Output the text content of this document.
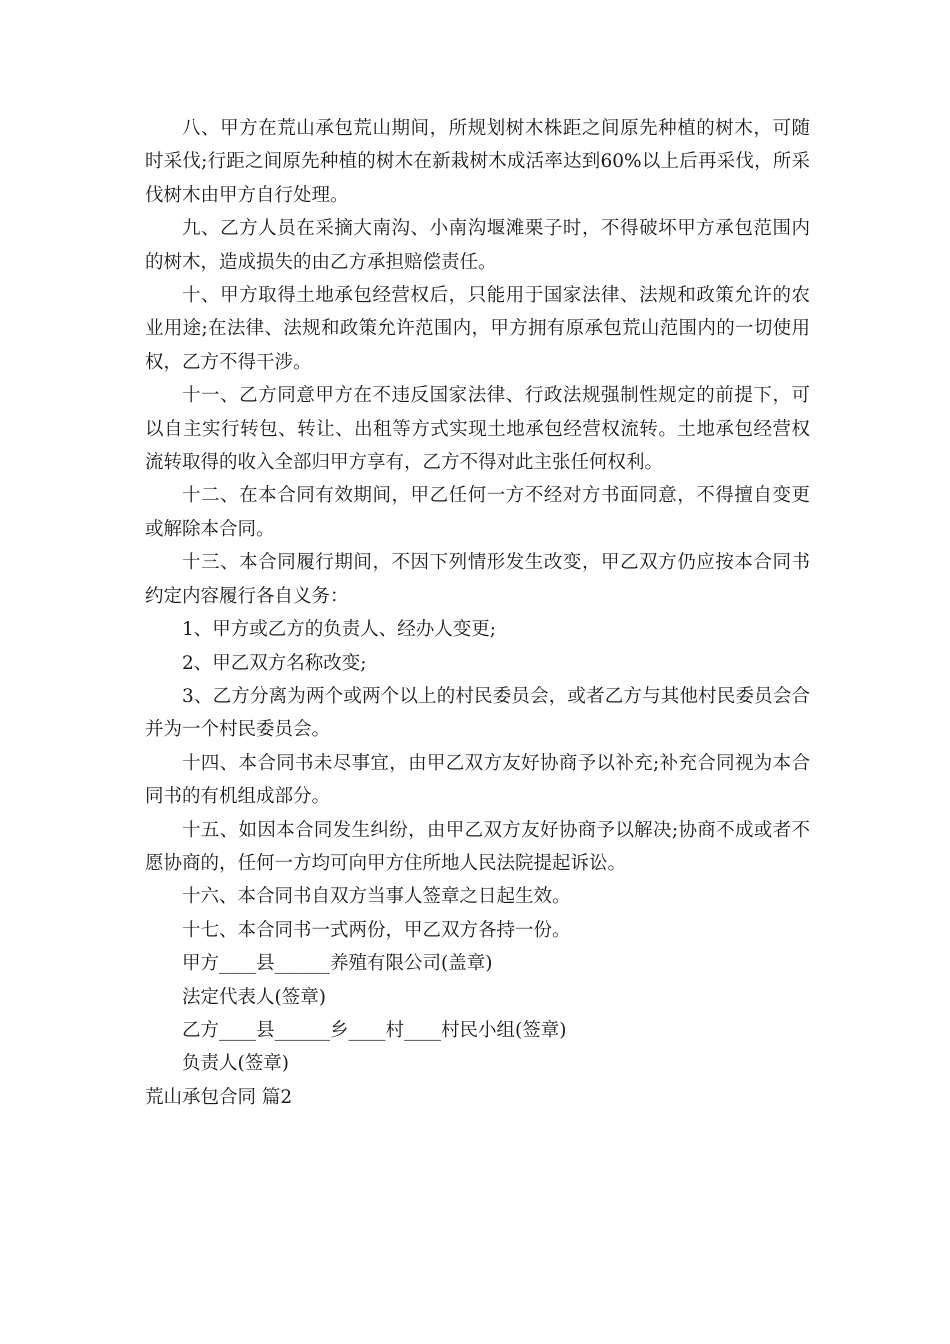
八、甲方在荒山承包荒山期间，所规划树木株距之间原先种植的树木，可随时采伐;行距之间原先种植的树木在新栽树木成活率达到60%以上后再采伐，所采伐树木由甲方自行处理。

九、乙方人员在采摘大南沟、小南沟堰滩栗子时，不得破坏甲方承包范围内的树木，造成损失的由乙方承担赔偿责任。

十、甲方取得土地承包经营权后，只能用于国家法律、法规和政策允许的农业用途;在法律、法规和政策允许范围内，甲方拥有原承包荒山范围内的一切使用权，乙方不得干涉。

十一、乙方同意甲方在不违反国家法律、行政法规强制性规定的前提下，可以自主实行转包、转让、出租等方式实现土地承包经营权流转。土地承包经营权流转取得的收入全部归甲方享有，乙方不得对此主张任何权利。

十二、在本合同有效期间，甲乙任何一方不经对方书面同意，不得擅自变更或解除本合同。

十三、本合同履行期间，不因下列情形发生改变，甲乙双方仍应按本合同书约定内容履行各自义务：

1、甲方或乙方的负责人、经办人变更;

2、甲乙双方名称改变;

3、乙方分离为两个或两个以上的村民委员会，或者乙方与其他村民委员会合并为一个村民委员会。

十四、本合同书未尽事宜，由甲乙双方友好协商予以补充;补充合同视为本合同书的有机组成部分。

十五、如因本合同发生纠纷，由甲乙双方友好协商予以解决;协商不成或者不愿协商的，任何一方均可向甲方住所地人民法院提起诉讼。

十六、本合同书自双方当事人签章之日起生效。

十七、本合同书一式两份，甲乙双方各持一份。

甲方____县______养殖有限公司(盖章)

法定代表人(签章)

乙方____县______乡____村____村民小组(签章)

负责人(签章)

荒山承包合同 篇2
